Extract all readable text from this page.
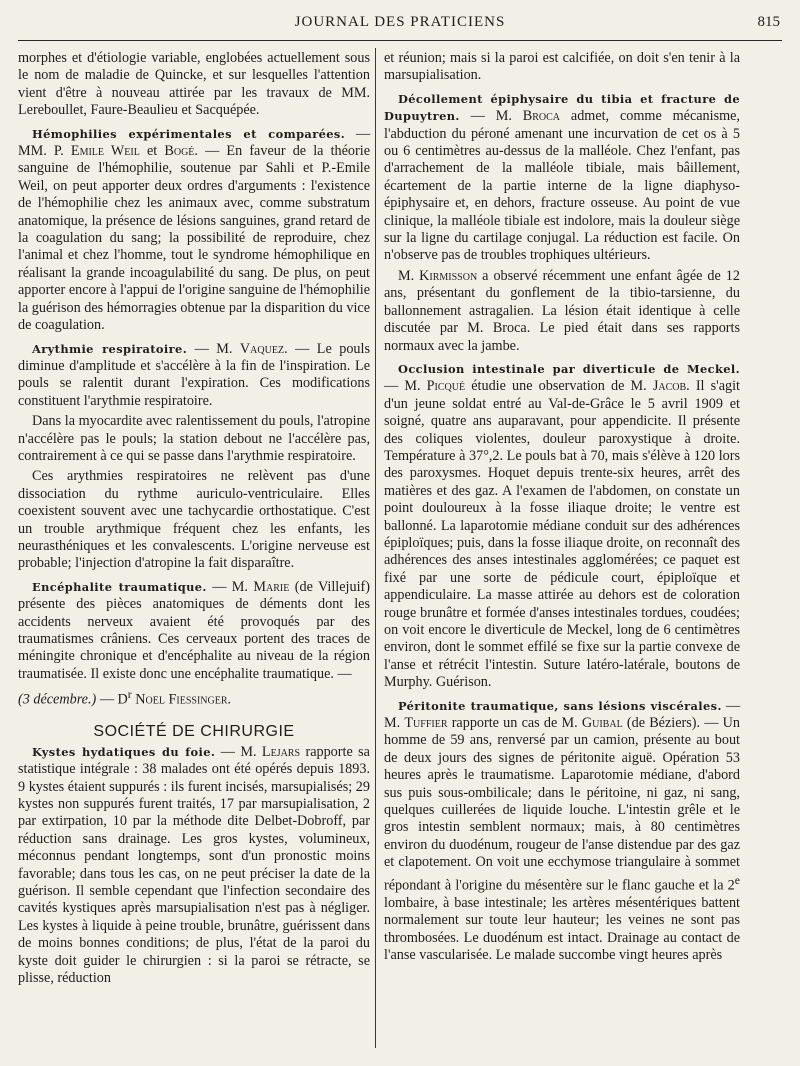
JOURNAL DES PRATICIENS	815

morphes et d'étiologie variable, englobées actuellement sous le nom de maladie de Quincke, et sur lesquelles l'attention vient d'être à nouveau attirée par les travaux de MM. Lereboullet, Faure-Beaulieu et Sacquépée.

Hémophilies expérimentales et comparées. — MM. P. Emile Weil et Bogé. — En faveur de la théorie sanguine de l'hémophilie, soutenue par Sahli et P.-Emile Weil, on peut apporter deux ordres d'arguments : l'existence de l'hémophilie chez les animaux avec, comme substratum anatomique, la présence de lésions sanguines, grand retard de la coagulation du sang; la possibilité de reproduire, chez l'animal et chez l'homme, tout le syndrome hémophilique en réalisant la grande incoagulabilité du sang. De plus, on peut apporter encore à l'appui de l'origine sanguine de l'hémophilie la guérison des hémorragies obtenue par la disparition du vice de coagulation.

Arythmie respiratoire. — M. Vaquez. — Le pouls diminue d'amplitude et s'accélère à la fin de l'inspiration. Le pouls se ralentit durant l'expiration. Ces modifications constituent l'arythmie respiratoire.

Dans la myocardite avec ralentissement du pouls, l'atropine n'accélère pas le pouls; la station debout ne l'accélère pas, contrairement à ce qui se passe dans l'arythmie respiratoire.

Ces arythmies respiratoires ne relèvent pas d'une dissociation du rythme auriculo-ventriculaire. Elles coexistent souvent avec une tachycardie orthostatique. C'est un trouble arythmique fréquent chez les enfants, les neurasthéniques et les convalescents. L'origine nerveuse est probable; l'injection d'atropine la fait disparaître.

Encéphalite traumatique. — M. Marie (de Villejuif) présente des pièces anatomiques de déments dont les accidents nerveux avaient été provoqués par des traumatismes crâniens. Ces cerveaux portent des traces de méningite chronique et d'encéphalite au niveau de la région traumatisée. Il existe donc une encéphalite traumatique. —

(3 décembre.) — $D^r$ Noel Fiessinger.

SOCIÉTÉ DE CHIRURGIE

Kystes hydatiques du foie. — M. Lejars rapporte sa statistique intégrale : 38 malades ont été opérés depuis 1893. 9 kystes étaient suppurés : ils furent incisés, marsupialisés; 29 kystes non suppurés furent traités, 17 par marsupialisation, 2 par extirpation, 10 par la méthode dite Delbet-Dobroff, par réduction sans drainage. Les gros kystes, volumineux, méconnus pendant longtemps, sont d'un pronostic moins favorable; dans tous les cas, on ne peut préciser la date de la guérison. Il semble cependant que l'infection secondaire des cavités kystiques après marsupialisation n'est pas à négliger. Les kystes à liquide à peine trouble, brunâtre, guérissent dans de moins bonnes conditions; de plus, l'état de la paroi du kyste doit guider le chirurgien : si la paroi se rétracte, se plisse, réduction

et réunion; mais si la paroi est calcifiée, on doit s'en tenir à la marsupialisation.

Décollement épiphysaire du tibia et fracture de Dupuytren. — M. Broca admet, comme mécanisme, l'abduction du péroné amenant une incurvation de cet os à 5 ou 6 centimètres au-dessus de la malléole. Chez l'enfant, pas d'arrachement de la malléole tibiale, mais bâillement, écartement de la partie interne de la ligne diaphyso-épiphysaire et, en dehors, fracture osseuse. Au point de vue clinique, la malléole tibiale est indolore, mais la douleur siège sur la ligne du cartilage conjugal. La réduction est facile. On n'observe pas de troubles trophiques ultérieurs.

M. Kirmisson a observé récemment une enfant âgée de 12 ans, présentant du gonflement de la tibio-tarsienne, du ballonnement astragalien. La lésion était identique à celle discutée par M. Broca. Le pied était dans ses rapports normaux avec la jambe.

Occlusion intestinale par diverticule de Meckel. — M. Picqué étudie une observation de M. Jacob. Il s'agit d'un jeune soldat entré au Val-de-Grâce le 5 avril 1909 et soigné, quatre ans auparavant, pour appendicite. Il présente des coliques violentes, douleur paroxystique à droite. Température à 37°,2. Le pouls bat à 70, mais s'élève à 120 lors des paroxysmes. Hoquet depuis trente-six heures, arrêt des matières et des gaz. A l'examen de l'abdomen, on constate un point douloureux à la fosse iliaque droite; le ventre est ballonné. La laparotomie médiane conduit sur des adhérences épiploïques; puis, dans la fosse iliaque droite, on reconnaît des adhérences des anses intestinales agglomérées; ce paquet est fixé par une sorte de pédicule court, épiploïque et appendiculaire. La masse attirée au dehors est de coloration rouge brunâtre et formée d'anses intestinales tordues, coudées; on voit encore le diverticule de Meckel, long de 6 centimètres environ, dont le sommet effilé se fixe sur la partie convexe de l'anse et rétrécit l'intestin. Suture latéro-latérale, boutons de Murphy. Guérison.

Péritonite traumatique, sans lésions viscérales. — M. Tuffier rapporte un cas de M. Guibal (de Béziers). — Un homme de 59 ans, renversé par un camion, présente au bout de deux jours des signes de péritonite aiguë. Opération 53 heures après le traumatisme. Laparotomie médiane, d'abord sus puis sous-ombilicale; dans le péritoine, ni gaz, ni sang, quelques cuillerées de liquide louche. L'intestin grêle et le gros intestin semblent normaux; mais, à 80 centimètres environ du duodénum, rougeur de l'anse distendue par des gaz et clapotement. On voit une ecchymose triangulaire à sommet répondant à l'origine du mésentère sur le flanc gauche et la 2e lombaire, à base intestinale; les artères mésentériques battent normalement sur toute leur hauteur; les veines ne sont pas thrombosées. Le duodénum est intact. Drainage au contact de l'anse vascularisée. Le malade succombe vingt heures après
